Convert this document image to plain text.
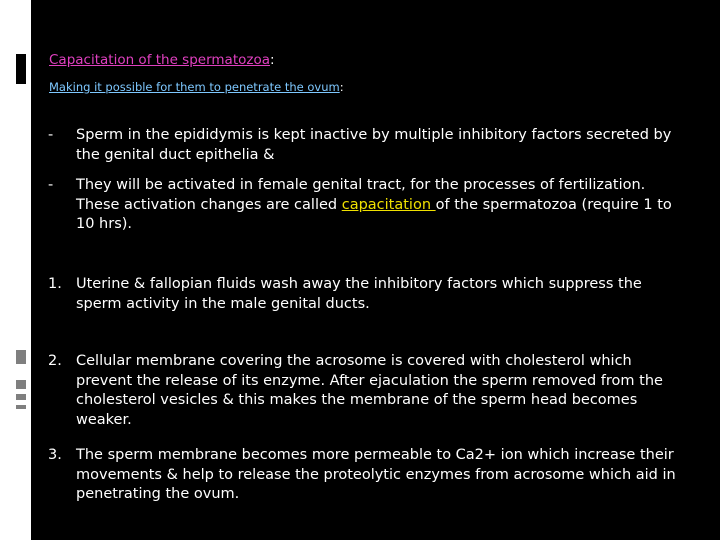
Capacitation of the spermatozoa:

Making it possible for them to penetrate the ovum:

-	Sperm in the epididymis is kept inactive by multiple inhibitory factors secreted by the genital duct epithelia &
-	They will be activated in female genital tract, for the processes of fertilization. These activation changes are called capacitation of the spermatozoa (require 1 to 10 hrs).
1. Uterine & fallopian fluids wash away the inhibitory factors which suppress the sperm activity in the male genital ducts.
2. Cellular membrane covering the acrosome is covered with cholesterol which prevent the release of its enzyme. After ejaculation the sperm removed from the cholesterol vesicles & this makes the membrane of the sperm head becomes weaker.
3. The sperm membrane becomes more permeable to Ca2+ ion which increase their movements & help to release the proteolytic enzymes from acrosome which aid in penetrating the ovum.
